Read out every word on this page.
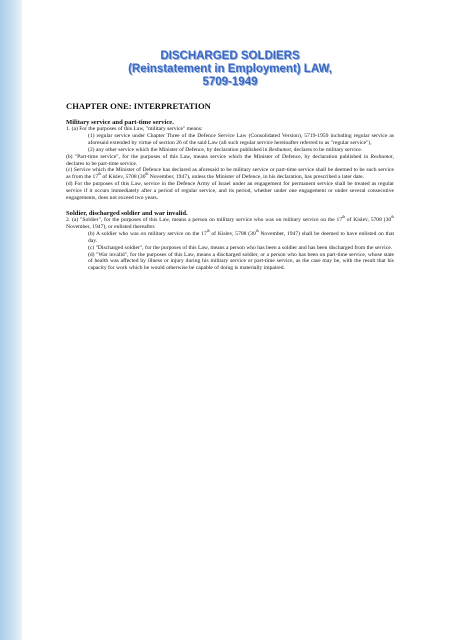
DISCHARGED SOLDIERS
(Reinstatement in Employment) LAW,
5709-1949
CHAPTER ONE: INTERPRETATION
Military service and part-time service.
1. (a) For the purposes of this Law, "military service" means:
(1) regular service under Chapter Three of the Defence Service Law (Consolidated Version), 5719-1959 including regular service as aforesaid extended by virtue of section 26 of the said Law (all such regular service hereinafter referred to as "regular service"),
(2) any other service which the Minister of Defence, by declaration published in Reshumot, declares to be military service.
(b) "Part-time service", for the purposes of this Law, means service which the Minister of Defence, by declaration published in Reshumot, declares to be part-time service.
(c) Service which the Minister of Defence has declared as aforesaid to be military service or part-time service shall be deemed to be such service as from the 17th of Kislev, 5708 (30th November, 1947), unless the Minister of Defence, in his declaration, has prescribed a later date.
(d) For the purposes of this Law, service in the Defence Army of Israel under an engagement for permanent service shall be treated as regular service if it occurs immediately after a period of regular service, and its period, whether under one engagement or under several consecutive engagements, does not exceed two years.
Soldier, discharged soldier and war invalid.
2. (a) "Soldier", for the purposes of this Law, means a person on military service who was on military service on the 17th of Kislev, 5708 (30th November, 1947), or enlisted thereafter.
(b) A soldier who was on military service on the 17th of Kislev, 5708 (30th November, 1947) shall be deemed to have enlisted on that day.
(c) "Discharged soldier", for the purposes of this Law, means a person who has been a soldier and has been discharged from the service.
(d) "War invalid", for the purposes of this Law, means a discharged soldier, or a person who has been on part-time service, whose state of health was affected by illness or injury during his military service or part-time service, as the case may be, with the result that his capacity for work which he would otherwise be capable of doing is materially impaired.
